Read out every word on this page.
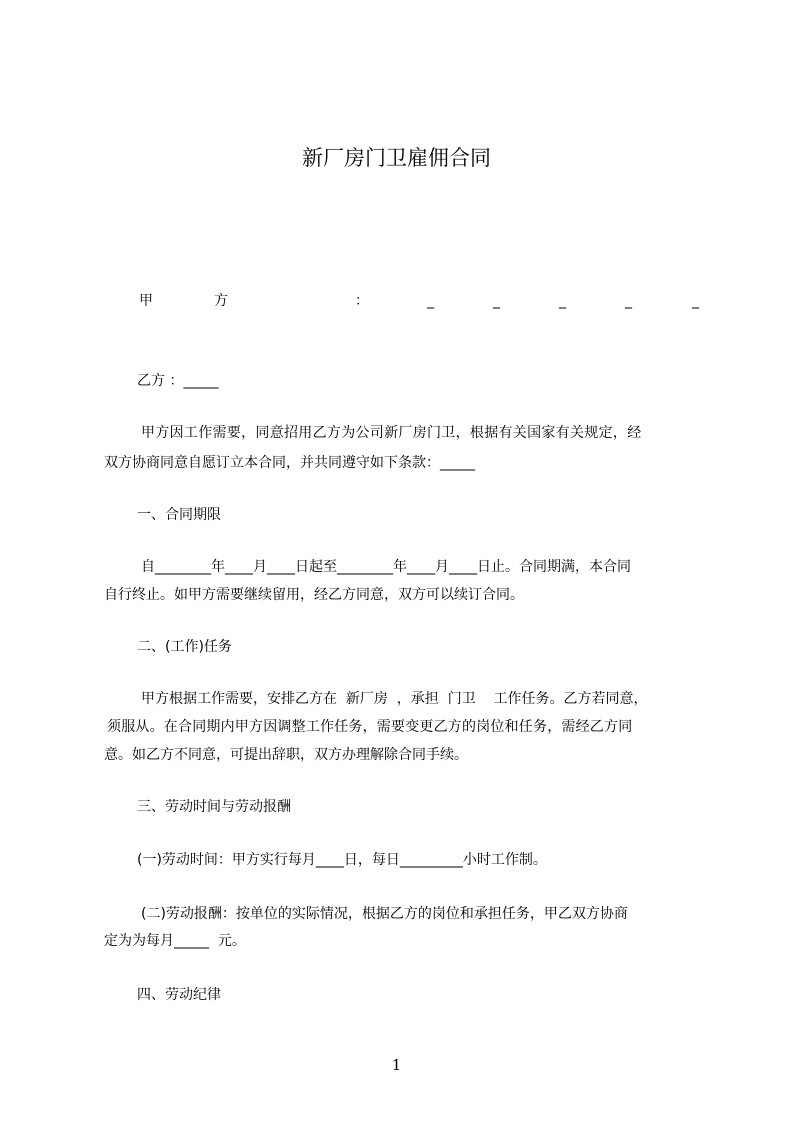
新厂房门卫雇佣合同
甲	方	：	_	_	_	_	_
乙方 ：_____
甲方因工作需要，同意招用乙方为公司新厂房门卫，根据有关国家有关规定，经
双方协商同意自愿订立本合同，并共同遵守如下条款：_____
一、合同期限
自________年____月____日起至________年____月____日止。合同期满，本合同
自行终止。如甲方需要继续留用，经乙方同意，双方可以续订合同。
二、(工作)任务
甲方根据工作需要，安排乙方在  新厂房  ，承担  门卫    工作任务。乙方若同意，
须服从。在合同期内甲方因调整工作任务，需要变更乙方的岗位和任务，需经乙方同
意。如乙方不同意，可提出辞职，双方办理解除合同手续。
三、劳动时间与劳动报酬
(一)劳动时间：甲方实行每月____日，每日_________小时工作制。
(二)劳动报酬：按单位的实际情况，根据乙方的岗位和承担任务，甲乙双方协商
定为为每月_____  元。
四、劳动纪律
1
